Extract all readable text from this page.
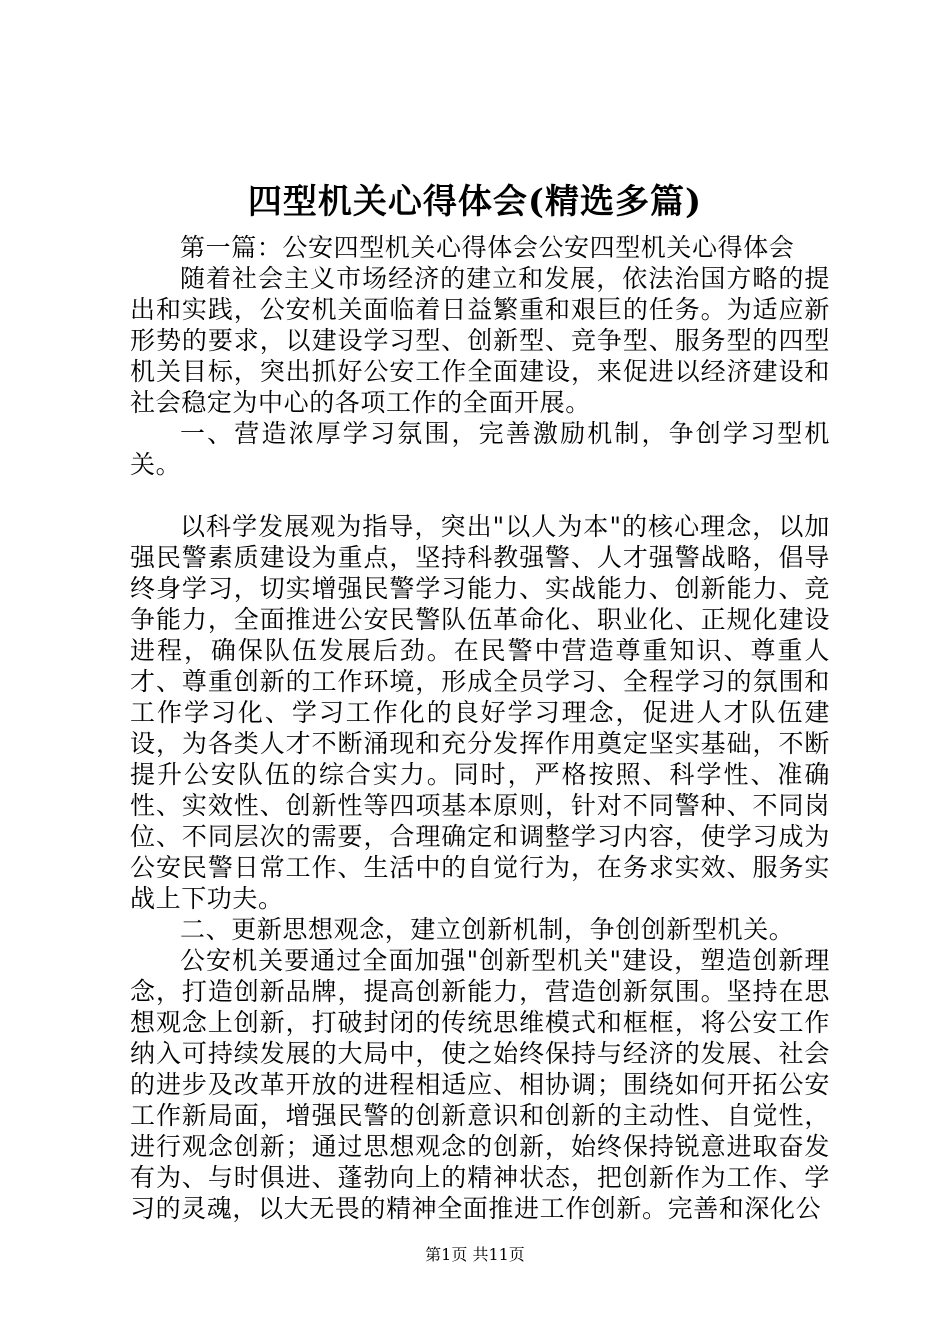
四型机关心得体会(精选多篇)

第一篇：公安四型机关心得体会公安四型机关心得体会

随着社会主义市场经济的建立和发展，依法治国方略的提出和实践，公安机关面临着日益繁重和艰巨的任务。为适应新形势的要求，以建设学习型、创新型、竞争型、服务型的四型机关目标，突出抓好公安工作全面建设，来促进以经济建设和社会稳定为中心的各项工作的全面开展。

一、营造浓厚学习氛围，完善激励机制，争创学习型机关。

以科学发展观为指导，突出"以人为本"的核心理念，以加强民警素质建设为重点，坚持科教强警、人才强警战略，倡导终身学习，切实增强民警学习能力、实战能力、创新能力、竞争能力，全面推进公安民警队伍革命化、职业化、正规化建设进程，确保队伍发展后劲。在民警中营造尊重知识、尊重人才、尊重创新的工作环境，形成全员学习、全程学习的氛围和工作学习化、学习工作化的良好学习理念，促进人才队伍建设，为各类人才不断涌现和充分发挥作用奠定坚实基础，不断提升公安队伍的综合实力。同时，严格按照、科学性、准确性、实效性、创新性等四项基本原则，针对不同警种、不同岗位、不同层次的需要，合理确定和调整学习内容，使学习成为公安民警日常工作、生活中的自觉行为，在务求实效、服务实战上下功夫。

二、更新思想观念，建立创新机制，争创创新型机关。

公安机关要通过全面加强"创新型机关"建设，塑造创新理念，打造创新品牌，提高创新能力，营造创新氛围。坚持在思想观念上创新，打破封闭的传统思维模式和框框，将公安工作纳入可持续发展的大局中，使之始终保持与经济的发展、社会的进步及改革开放的进程相适应、相协调；围绕如何开拓公安工作新局面，增强民警的创新意识和创新的主动性、自觉性，进行观念创新；通过思想观念的创新，始终保持锐意进取奋发有为、与时俱进、蓬勃向上的精神状态，把创新作为工作、学习的灵魂，以大无畏的精神全面推进工作创新。完善和深化公

第1页 共11页
